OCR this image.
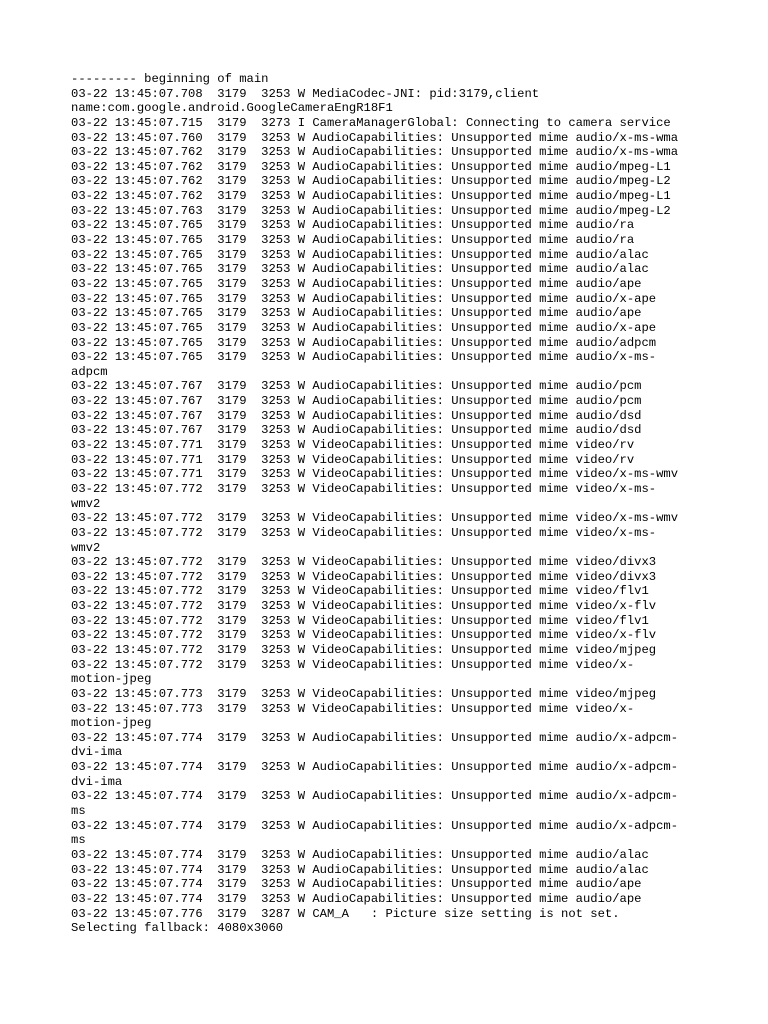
--------- beginning of main
03-22 13:45:07.708  3179  3253 W MediaCodec-JNI: pid:3179,client
name:com.google.android.GoogleCameraEngR18F1
03-22 13:45:07.715  3179  3273 I CameraManagerGlobal: Connecting to camera service
03-22 13:45:07.760  3179  3253 W AudioCapabilities: Unsupported mime audio/x-ms-wma
03-22 13:45:07.762  3179  3253 W AudioCapabilities: Unsupported mime audio/x-ms-wma
03-22 13:45:07.762  3179  3253 W AudioCapabilities: Unsupported mime audio/mpeg-L1
03-22 13:45:07.762  3179  3253 W AudioCapabilities: Unsupported mime audio/mpeg-L2
03-22 13:45:07.762  3179  3253 W AudioCapabilities: Unsupported mime audio/mpeg-L1
03-22 13:45:07.763  3179  3253 W AudioCapabilities: Unsupported mime audio/mpeg-L2
03-22 13:45:07.765  3179  3253 W AudioCapabilities: Unsupported mime audio/ra
03-22 13:45:07.765  3179  3253 W AudioCapabilities: Unsupported mime audio/ra
03-22 13:45:07.765  3179  3253 W AudioCapabilities: Unsupported mime audio/alac
03-22 13:45:07.765  3179  3253 W AudioCapabilities: Unsupported mime audio/alac
03-22 13:45:07.765  3179  3253 W AudioCapabilities: Unsupported mime audio/ape
03-22 13:45:07.765  3179  3253 W AudioCapabilities: Unsupported mime audio/x-ape
03-22 13:45:07.765  3179  3253 W AudioCapabilities: Unsupported mime audio/ape
03-22 13:45:07.765  3179  3253 W AudioCapabilities: Unsupported mime audio/x-ape
03-22 13:45:07.765  3179  3253 W AudioCapabilities: Unsupported mime audio/adpcm
03-22 13:45:07.765  3179  3253 W AudioCapabilities: Unsupported mime audio/x-ms-
adpcm
03-22 13:45:07.767  3179  3253 W AudioCapabilities: Unsupported mime audio/pcm
03-22 13:45:07.767  3179  3253 W AudioCapabilities: Unsupported mime audio/pcm
03-22 13:45:07.767  3179  3253 W AudioCapabilities: Unsupported mime audio/dsd
03-22 13:45:07.767  3179  3253 W AudioCapabilities: Unsupported mime audio/dsd
03-22 13:45:07.771  3179  3253 W VideoCapabilities: Unsupported mime video/rv
03-22 13:45:07.771  3179  3253 W VideoCapabilities: Unsupported mime video/rv
03-22 13:45:07.771  3179  3253 W VideoCapabilities: Unsupported mime video/x-ms-wmv
03-22 13:45:07.772  3179  3253 W VideoCapabilities: Unsupported mime video/x-ms-
wmv2
03-22 13:45:07.772  3179  3253 W VideoCapabilities: Unsupported mime video/x-ms-wmv
03-22 13:45:07.772  3179  3253 W VideoCapabilities: Unsupported mime video/x-ms-
wmv2
03-22 13:45:07.772  3179  3253 W VideoCapabilities: Unsupported mime video/divx3
03-22 13:45:07.772  3179  3253 W VideoCapabilities: Unsupported mime video/divx3
03-22 13:45:07.772  3179  3253 W VideoCapabilities: Unsupported mime video/flv1
03-22 13:45:07.772  3179  3253 W VideoCapabilities: Unsupported mime video/x-flv
03-22 13:45:07.772  3179  3253 W VideoCapabilities: Unsupported mime video/flv1
03-22 13:45:07.772  3179  3253 W VideoCapabilities: Unsupported mime video/x-flv
03-22 13:45:07.772  3179  3253 W VideoCapabilities: Unsupported mime video/mjpeg
03-22 13:45:07.772  3179  3253 W VideoCapabilities: Unsupported mime video/x-
motion-jpeg
03-22 13:45:07.773  3179  3253 W VideoCapabilities: Unsupported mime video/mjpeg
03-22 13:45:07.773  3179  3253 W VideoCapabilities: Unsupported mime video/x-
motion-jpeg
03-22 13:45:07.774  3179  3253 W AudioCapabilities: Unsupported mime audio/x-adpcm-
dvi-ima
03-22 13:45:07.774  3179  3253 W AudioCapabilities: Unsupported mime audio/x-adpcm-
dvi-ima
03-22 13:45:07.774  3179  3253 W AudioCapabilities: Unsupported mime audio/x-adpcm-
ms
03-22 13:45:07.774  3179  3253 W AudioCapabilities: Unsupported mime audio/x-adpcm-
ms
03-22 13:45:07.774  3179  3253 W AudioCapabilities: Unsupported mime audio/alac
03-22 13:45:07.774  3179  3253 W AudioCapabilities: Unsupported mime audio/alac
03-22 13:45:07.774  3179  3253 W AudioCapabilities: Unsupported mime audio/ape
03-22 13:45:07.774  3179  3253 W AudioCapabilities: Unsupported mime audio/ape
03-22 13:45:07.776  3179  3287 W CAM_A   : Picture size setting is not set.
Selecting fallback: 4080x3060
